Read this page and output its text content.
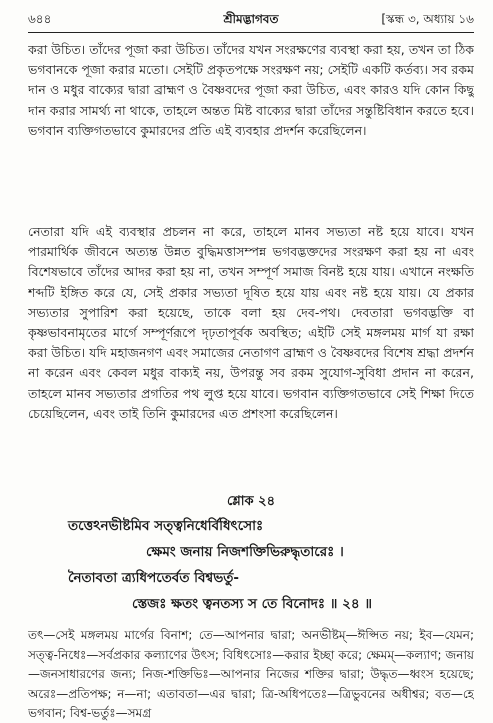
৬৪৪	শ্রীমদ্ভাগবত	[স্কন্ধ ৩, অধ্যায় ১৬

করা উচিত। তাঁদের পূজা করা উচিত। তাঁদের যখন সংরক্ষণের ব্যবস্থা করা হয়, তখন তা ঠিক ভগবানকে পূজা করার মতো। সেইটি প্রকৃতপক্ষে সংরক্ষণ নয়; সেইটি একটি কর্তব্য। সব রকম দান ও মধুর বাক্যের দ্বারা ব্রাহ্মণ ও বৈষ্ণবদের পূজা করা উচিত, এবং কারও যদি কোন কিছু দান করার সামর্থ্য না থাকে, তাহলে অন্তত মিষ্ট বাক্যের দ্বারা তাঁদের সন্তুষ্টিবিধান করতে হবে। ভগবান ব্যক্তিগতভাবে কুমারদের প্রতি এই ব্যবহার প্রদর্শন করেছিলেন।

নেতারা যদি এই ব্যবস্থার প্রচলন না করে, তাহলে মানব সভ্যতা নষ্ট হয়ে যাবে। যখন পারমার্থিক জীবনে অত্যন্ত উন্নত বুদ্ধিমত্তাসম্পন্ন ভগবদ্ভক্তদের সংরক্ষণ করা হয় না এবং বিশেষভাবে তাঁদের আদর করা হয় না, তখন সম্পূর্ণ সমাজ বিনষ্ট হয়ে যায়। এখানে নংক্ষতি শব্দটি ইঙ্গিত করে যে, সেই প্রকার সভ্যতা দূষিত হয়ে যায় এবং নষ্ট হয়ে যায়। যে প্রকার সভ্যতার সুপারিশ করা হয়েছে, তাকে বলা হয় দেব-পথ। দেবতারা ভগবদ্ভক্তি বা কৃষ্ণভাবনামৃতের মার্গে সম্পূর্ণরূপে দৃঢ়তাপূর্বক অবস্থিত; এইটি সেই মঙ্গলময় মার্গ যা রক্ষা করা উচিত। যদি মহাজনগণ এবং সমাজের নেতাগণ ব্রাহ্মণ ও বৈষ্ণবদের বিশেষ শ্রদ্ধা প্রদর্শন না করেন এবং কেবল মধুর বাক্যই নয়, উপরন্তু সব রকম সুযোগ-সুবিধা প্রদান না করেন, তাহলে মানব সভ্যতার প্রগতির পথ লুপ্ত হয়ে যাবে। ভগবান ব্যক্তিগতভাবে সেই শিক্ষা দিতে চেয়েছিলেন, এবং তাই তিনি কুমারদের এত প্রশংসা করেছিলেন।

শ্লোক ২৪
তত্তেঽনভীষ্টমিব সত্ত্বনিধের্বিধিৎসোঃ
ক্ষেমং জনায় নিজশক্তিভিরুদ্ধৃতারেঃ ।
নৈতাবতা ত্র্যধিপতের্বত বিশ্বভর্তু-
স্তেজঃ ক্ষতং ত্বনতস্য স তে বিনোদঃ ॥ ২৪ ॥

তৎ—সেই মঙ্গলময় মার্গের বিনাশ; তে—আপনার দ্বারা; অনভীষ্টম্—ঈপ্সিত নয়; ইব—যেমন; সত্ত্ব-নিধেঃ—সর্বপ্রকার কল্যাণের উৎস; বিধিৎসোঃ—করার ইচ্ছা করে; ক্ষেমম্—কল্যাণ; জনায়—জনসাধারণের জন্য; নিজ-শক্তিভিঃ—আপনার নিজের শক্তির দ্বারা; উদ্ধৃত—ধ্বংস হয়েছে; অরেঃ—প্রতিপক্ষ; ন—না; এতাবতা—এর দ্বারা; ত্রি-অধিপতেঃ—ত্রিভুবনের অধীশ্বর; বত—হে ভগবান; বিশ্ব-ভর্তুঃ—সমগ্র
